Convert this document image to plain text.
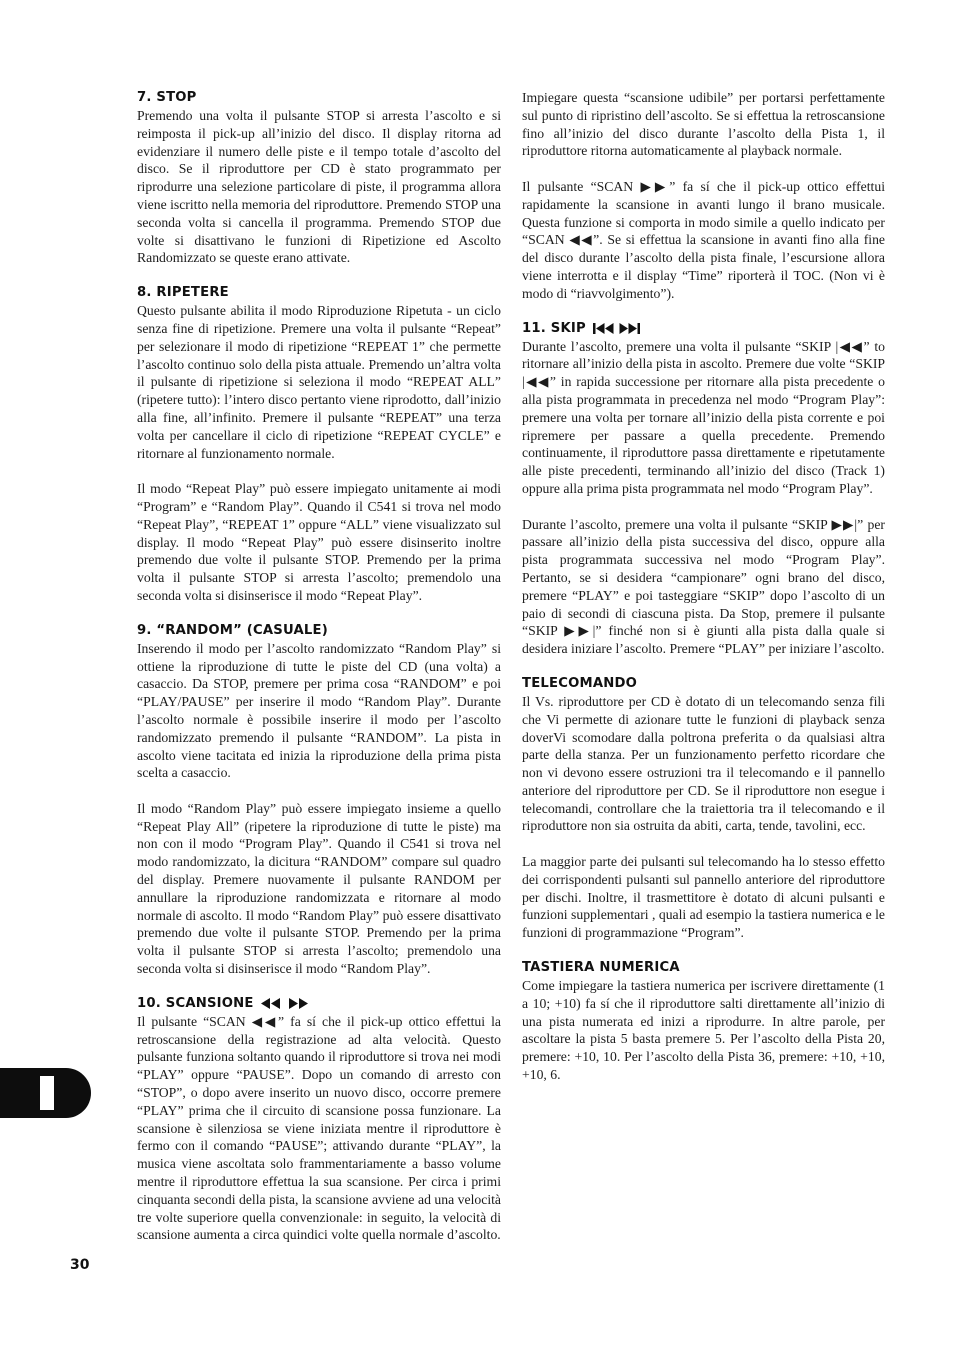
7. STOP

Premendo una volta il pulsante STOP si arresta l’ascolto e si reimposta il pick-up all’inizio del disco. Il display ritorna ad evidenziare il numero delle piste e il tempo totale d’ascolto del disco. Se il riproduttore per CD è stato programmato per riprodurre una selezione particolare di piste, il programma allora viene iscritto nella memoria del riproduttore. Premendo STOP una seconda volta si cancella il programma. Premendo STOP due volte si disattivano le funzioni di Ripetizione ed Ascolto Randomizzato se queste erano attivate.

8. RIPETERE

Questo pulsante abilita il modo Riproduzione Ripetuta - un ciclo senza fine di ripetizione. Premere una volta il pulsante “Repeat” per selezionare il modo di ripetizione “REPEAT 1” che permette l’ascolto continuo solo della pista attuale. Premendo un’altra volta il pulsante di ripetizione si seleziona il modo “REPEAT ALL” (ripetere tutto): l’intero disco pertanto viene riprodotto, dall’inizio alla fine, all’infinito. Premere il pulsante “REPEAT” una terza volta per cancellare il ciclo di ripetizione “REPEAT CYCLE” e ritornare al funzionamento normale.

Il modo “Repeat Play” può essere impiegato unitamente ai modi “Program” e “Random Play”. Quando il C541 si trova nel modo “Repeat Play”, “REPEAT 1” oppure “ALL” viene visualizzato sul display. Il modo “Repeat Play” può essere disinserito inoltre premendo due volte il pulsante STOP. Premendo per la prima volta il pulsante STOP si arresta l’ascolto; premendolo una seconda volta si disinserisce il modo “Repeat Play”.

9. “RANDOM” (CASUALE)

Inserendo il modo per l’ascolto randomizzato “Random Play” si ottiene la riproduzione di tutte le piste del CD (una volta) a casaccio. Da STOP, premere per prima cosa “RANDOM” e poi “PLAY/PAUSE” per inserire il modo “Random Play”. Durante l’ascolto normale è possibile inserire il modo per l’ascolto randomizzato premendo il pulsante “RANDOM”. La pista in ascolto viene tacitata ed inizia la riproduzione della prima pista scelta a casaccio.

Il modo “Random Play” può essere impiegato insieme a quello “Repeat Play All” (ripetere la riproduzione di tutte le piste) ma non con il modo “Program Play”. Quando il C541 si trova nel modo randomizzato, la dicitura “RANDOM” compare sul quadro del display. Premere nuovamente il pulsante RANDOM per annullare la riproduzione randomizzata e ritornare al modo normale di ascolto. Il modo “Random Play” può essere disattivato premendo due volte il pulsante STOP. Premendo per la prima volta il pulsante STOP si arresta l’ascolto; premendolo una seconda volta si disinserisce il modo “Random Play”.

10. SCANSIONE

Il pulsante “SCAN ◀◀” fa sí che il pick-up ottico effettui la retroscansione della registrazione ad alta velocità. Questo pulsante funziona soltanto quando il riproduttore si trova nei modi “PLAY” oppure “PAUSE”. Dopo un comando di arresto con “STOP”, o dopo avere inserito un nuovo disco, occorre premere “PLAY” prima che il circuito di scansione possa funzionare. La scansione è silenziosa se viene iniziata mentre il riproduttore è fermo con il comando “PAUSE”; attivando durante “PLAY”, la musica viene ascoltata solo frammentariamente a basso volume mentre il riproduttore effettua la sua scansione. Per circa i primi cinquanta secondi della pista, la scansione avviene ad una velocità tre volte superiore quella convenzionale: in seguito, la velocità di scansione aumenta a circa quindici volte quella normale d’ascolto.

Impiegare questa “scansione udibile” per portarsi perfettamente sul punto di ripristino dell’ascolto. Se si effettua la retroscansione fino all’inizio del disco durante l’ascolto della Pista 1, il riproduttore ritorna automaticamente al playback normale.

Il pulsante “SCAN ▶▶” fa sí che il pick-up ottico effettui rapidamente la scansione in avanti lungo il brano musicale. Questa funzione si comporta in modo simile a quello indicato per “SCAN ◀◀”. Se si effettua la scansione in avanti fino alla fine del disco durante l’ascolto della pista finale, l’escursione allora viene interrotta e il display “Time” riporterà il TOC. (Non vi è modo di “riavvolgimento”).

11. SKIP

Durante l’ascolto, premere una volta il pulsante “SKIP |◀◀” to ritornare all’inizio della pista in ascolto. Premere due volte “SKIP |◀◀” in rapida successione per ritornare alla pista precedente o alla pista programmata in precedenza nel modo “Program Play”: premere una volta per tornare all’inizio della pista corrente e poi ripremere per passare a quella precedente. Premendo continuamente, il riproduttore passa direttamente e ripetutamente alle piste precedenti, terminando all’inizio del disco (Track 1) oppure alla prima pista programmata nel modo “Program Play”.

Durante l’ascolto, premere una volta il pulsante “SKIP ▶▶|” per passare all’inizio della pista successiva del disco, oppure alla pista programmata successiva nel modo “Program Play”. Pertanto, se si desidera “campionare” ogni brano del disco, premere “PLAY” e poi tasteggiare “SKIP” dopo l’ascolto di un paio di secondi di ciascuna pista. Da Stop, premere il pulsante “SKIP ▶▶|” finché non si è giunti alla pista dalla quale si desidera iniziare l’ascolto. Premere “PLAY” per iniziare l’ascolto.

TELECOMANDO

Il Vs. riproduttore per CD è dotato di un telecomando senza fili che Vi permette di azionare tutte le funzioni di playback senza doverVi scomodare dalla poltrona preferita o da qualsiasi altra parte della stanza. Per un funzionamento perfetto ricordare che non vi devono essere ostruzioni tra il telecomando e il pannello anteriore del riproduttore per CD. Se il riproduttore non esegue i telecomandi, controllare che la traiettoria tra il telecomando e il riproduttore non sia ostruita da abiti, carta, tende, tavolini, ecc.

La maggior parte dei pulsanti sul telecomando ha lo stesso effetto dei corrispondenti pulsanti sul pannello anteriore del riproduttore per dischi. Inoltre, il trasmettitore è dotato di alcuni pulsanti e funzioni supplementari , quali ad esempio la tastiera numerica e le funzioni di programmazione “Program”.

TASTIERA NUMERICA

Come impiegare la tastiera numerica per iscrivere direttamente (1 a 10; +10) fa sí che il riproduttore salti direttamente all’inizio di una pista numerata ed inizi a riprodurre. In altre parole, per ascoltare la pista 5 basta premere 5. Per l’ascolto della Pista 20, premere: +10, 10. Per l’ascolto della Pista 36, premere: +10, +10, +10, 6.

30
